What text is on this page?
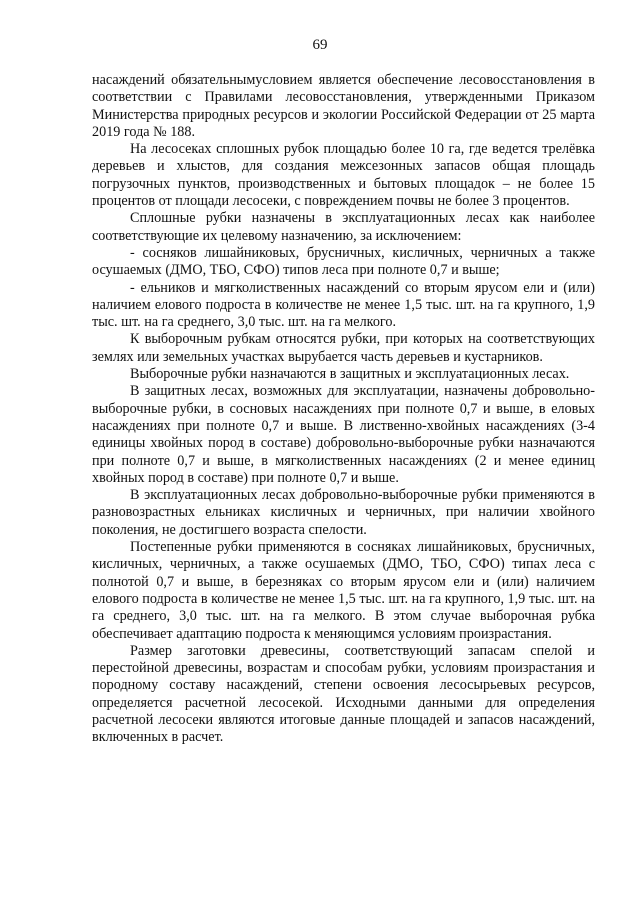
69

насаждений обязательнымусловием является обеспечение лесовосстановления в соответствии с Правилами лесовосстановления, утвержденными Приказом Министерства природных ресурсов и экологии Российской Федерации от 25 марта 2019 года № 188.

На лесосеках сплошных рубок площадью более 10 га, где ведется трелёвка деревьев и хлыстов, для создания межсезонных запасов общая площадь погрузочных пунктов, производственных и бытовых площадок – не более 15 процентов от площади лесосеки, с повреждением почвы не более 3 процентов.

Сплошные рубки назначены в эксплуатационных лесах как наиболее соответствующие их целевому назначению, за исключением:

- сосняков лишайниковых, брусничных, кисличных, черничных а также осушаемых (ДМО, ТБО, СФО) типов леса при полноте 0,7 и выше;

- ельников и мягколиственных насаждений со вторым ярусом ели и (или) наличием елового подроста в количестве не менее 1,5 тыс. шт. на га крупного, 1,9 тыс. шт. на га среднего, 3,0 тыс. шт. на га мелкого.

К выборочным рубкам относятся рубки, при которых на соответствующих землях или земельных участках вырубается часть деревьев и кустарников.

Выборочные рубки назначаются в защитных и эксплуатационных лесах.

В защитных лесах, возможных для эксплуатации, назначены добровольно-выборочные рубки, в сосновых насаждениях при полноте 0,7 и выше, в еловых насаждениях при полноте 0,7 и выше. В лиственно-хвойных насаждениях (3-4 единицы хвойных пород в составе) добровольно-выборочные рубки назначаются при полноте 0,7 и выше, в мягколиственных насаждениях (2 и менее единиц хвойных пород в составе) при полноте 0,7 и выше.

В эксплуатационных лесах добровольно-выборочные рубки применяются в разновозрастных ельниках кисличных и черничных, при наличии хвойного поколения, не достигшего возраста спелости.

Постепенные рубки применяются в сосняках лишайниковых, брусничных, кисличных, черничных, а также осушаемых (ДМО, ТБО, СФО) типах леса с полнотой 0,7 и выше, в березняках со вторым ярусом ели и (или) наличием елового подроста в количестве не менее 1,5 тыс. шт. на га крупного, 1,9 тыс. шт. на га среднего, 3,0 тыс. шт. на га мелкого. В этом случае выборочная рубка обеспечивает адаптацию подроста к меняющимся условиям произрастания.

Размер заготовки древесины, соответствующий запасам спелой и перестойной древесины, возрастам и способам рубки, условиям произрастания и породному составу насаждений, степени освоения лесосырьевых ресурсов, определяется расчетной лесосекой. Исходными данными для определения расчетной лесосеки являются итоговые данные площадей и запасов насаждений, включенных в расчет.
